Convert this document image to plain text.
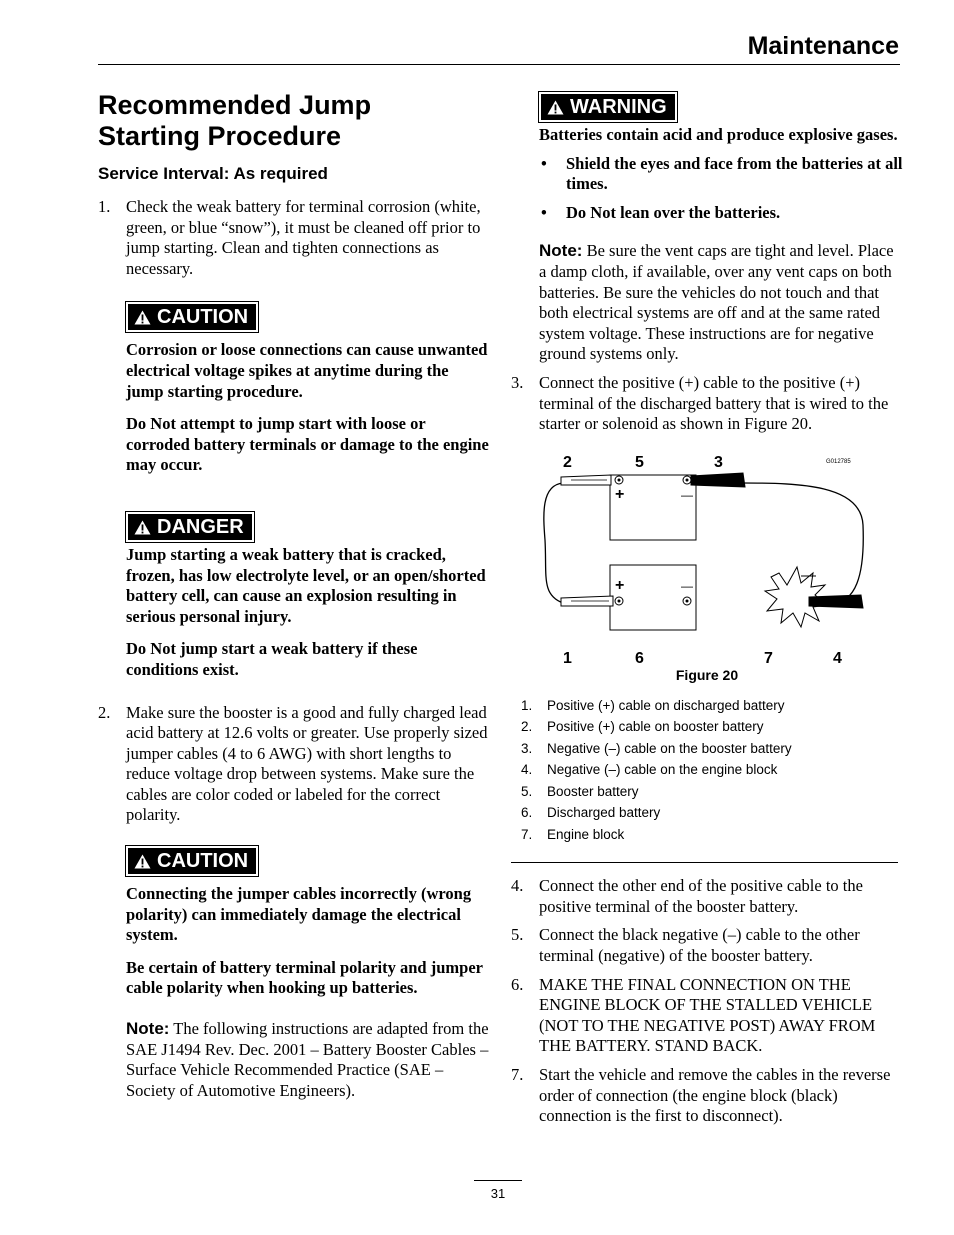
Maintenance
Recommended Jump
Starting Procedure
Service Interval: As required
1. Check the weak battery for terminal corrosion (white, green, or blue “snow”), it must be cleaned off prior to jump starting. Clean and tighten connections as necessary.
CAUTION

Corrosion or loose connections can cause unwanted electrical voltage spikes at anytime during the jump starting procedure.

Do Not attempt to jump start with loose or corroded battery terminals or damage to the engine may occur.

DANGER

Jump starting a weak battery that is cracked, frozen, has low electrolyte level, or an open/shorted battery cell, can cause an explosion resulting in serious personal injury.

Do Not jump start a weak battery if these conditions exist.

2. Make sure the booster is a good and fully charged lead acid battery at 12.6 volts or greater. Use properly sized jumper cables (4 to 6 AWG) with short lengths to reduce voltage drop between systems. Make sure the cables are color coded or labeled for the correct polarity.
CAUTION

Connecting the jumper cables incorrectly (wrong polarity) can immediately damage the electrical system.

Be certain of battery terminal polarity and jumper cable polarity when hooking up batteries.

Note: The following instructions are adapted from the SAE J1494 Rev. Dec. 2001 – Battery Booster Cables – Surface Vehicle Recommended Practice (SAE – Society of Automotive Engineers).

WARNING

Batteries contain acid and produce explosive gases.

• Shield the eyes and face from the batteries at all times.
• Do Not lean over the batteries.

Note: Be sure the vent caps are tight and level. Place a damp cloth, if available, over any vent caps on both batteries. Be sure the vehicles do not touch and that both electrical systems are off and at the same rated system voltage. These instructions are for negative ground systems only.

3. Connect the positive (+) cable to the positive (+) terminal of the discharged battery that is wired to the starter or solenoid as shown in Figure 20.
2	5	3
1	6	7	4
G012785
+	—
+	—
Figure 20
1. Positive (+) cable on discharged battery
2. Positive (+) cable on booster battery
3. Negative (–) cable on the booster battery
4. Negative (–) cable on the engine block
5. Booster battery
6. Discharged battery
7. Engine block
4. Connect the other end of the positive cable to the positive terminal of the booster battery.
5. Connect the black negative (–) cable to the other terminal (negative) of the booster battery.
6. MAKE THE FINAL CONNECTION ON THE ENGINE BLOCK OF THE STALLED VEHICLE (NOT TO THE NEGATIVE POST) AWAY FROM THE BATTERY. STAND BACK.
7. Start the vehicle and remove the cables in the reverse order of connection (the engine block (black) connection is the first to disconnect).
31
